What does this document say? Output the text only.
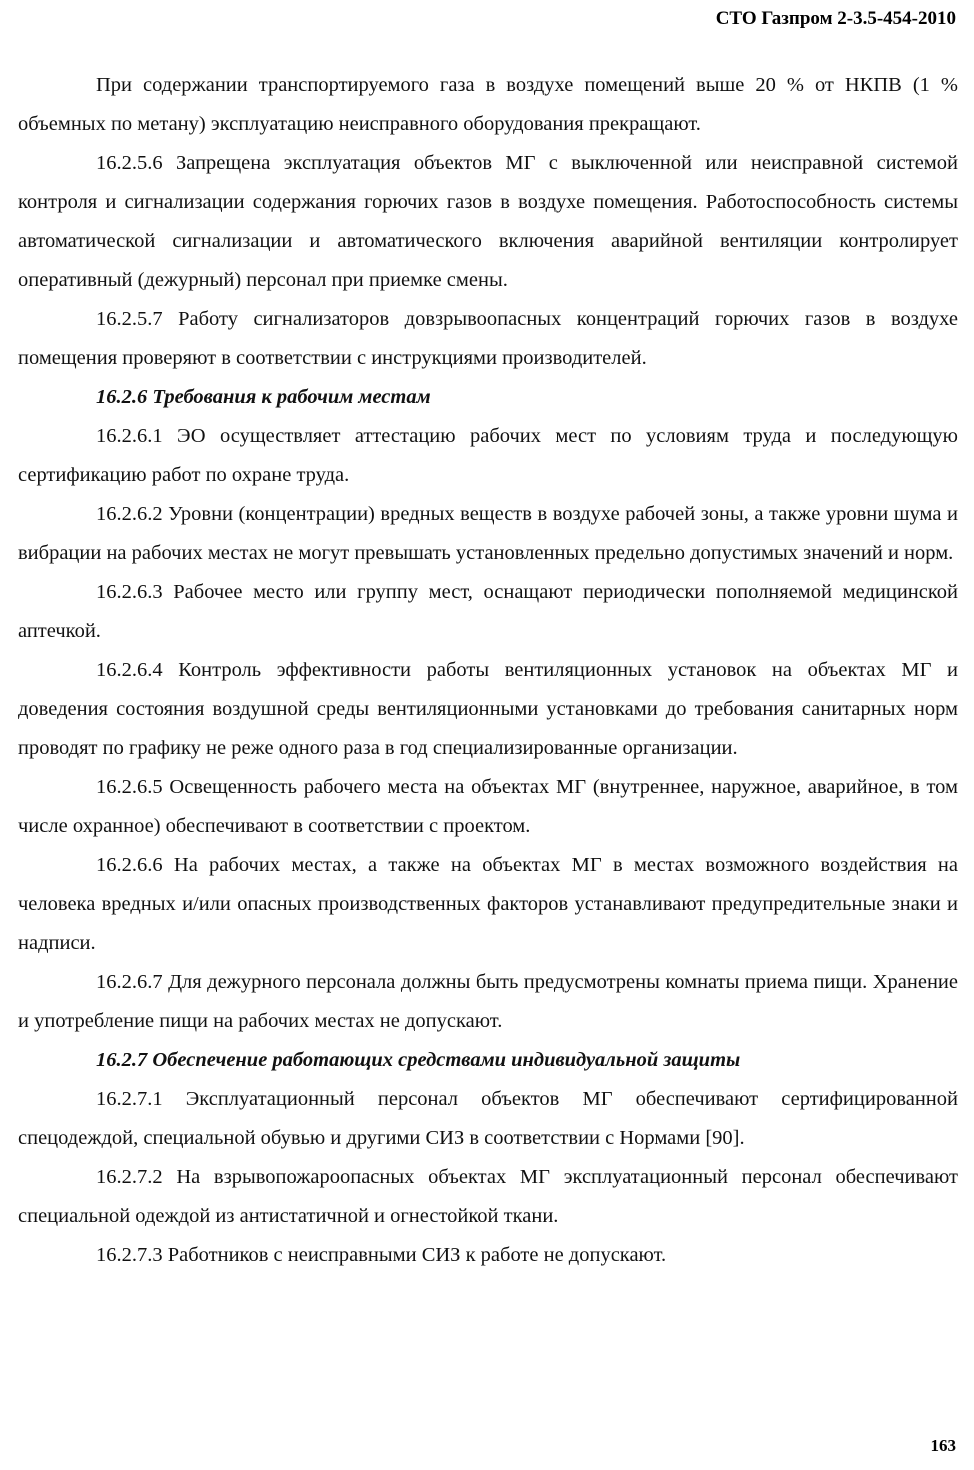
СТО Газпром 2-3.5-454-2010

При содержании транспортируемого газа в воздухе помещений выше 20 % от НКПВ (1 % объемных по метану) эксплуатацию неисправного оборудования прекращают.

16.2.5.6 Запрещена эксплуатация объектов МГ с выключенной или неисправной системой контроля и сигнализации содержания горючих газов в воздухе помещения. Работоспособность системы автоматической сигнализации и автоматического включения аварийной вентиляции контролирует оперативный (дежурный) персонал при приемке смены.

16.2.5.7 Работу сигнализаторов довзрывоопасных концентраций горючих газов в воздухе помещения проверяют в соответствии с инструкциями производителей.

16.2.6 Требования к рабочим местам

16.2.6.1 ЭО осуществляет аттестацию рабочих мест по условиям труда и последующую сертификацию работ по охране труда.

16.2.6.2 Уровни (концентрации) вредных веществ в воздухе рабочей зоны, а также уровни шума и вибрации на рабочих местах не могут превышать установленных предельно допустимых значений и норм.

16.2.6.3 Рабочее место или группу мест, оснащают периодически пополняемой медицинской аптечкой.

16.2.6.4 Контроль эффективности работы вентиляционных установок на объектах МГ и доведения состояния воздушной среды вентиляционными установками до требования санитарных норм проводят по графику не реже одного раза в год специализированные организации.

16.2.6.5 Освещенность рабочего места на объектах МГ (внутреннее, наружное, аварийное, в том числе охранное) обеспечивают в соответствии с проектом.

16.2.6.6 На рабочих местах, а также на объектах МГ в местах возможного воздействия на человека вредных и/или опасных производственных факторов устанавливают предупредительные знаки и надписи.

16.2.6.7 Для дежурного персонала должны быть предусмотрены комнаты приема пищи. Хранение и употребление пищи на рабочих местах не допускают.

16.2.7 Обеспечение работающих средствами индивидуальной защиты

16.2.7.1 Эксплуатационный персонал объектов МГ обеспечивают сертифицированной спецодеждой, специальной обувью и другими СИЗ в соответствии с Нормами [90].

16.2.7.2 На взрывопожароопасных объектах МГ эксплуатационный персонал обеспечивают специальной одеждой из антистатичной и огнестойкой ткани.

16.2.7.3 Работников с неисправными СИЗ к работе не допускают.

163
